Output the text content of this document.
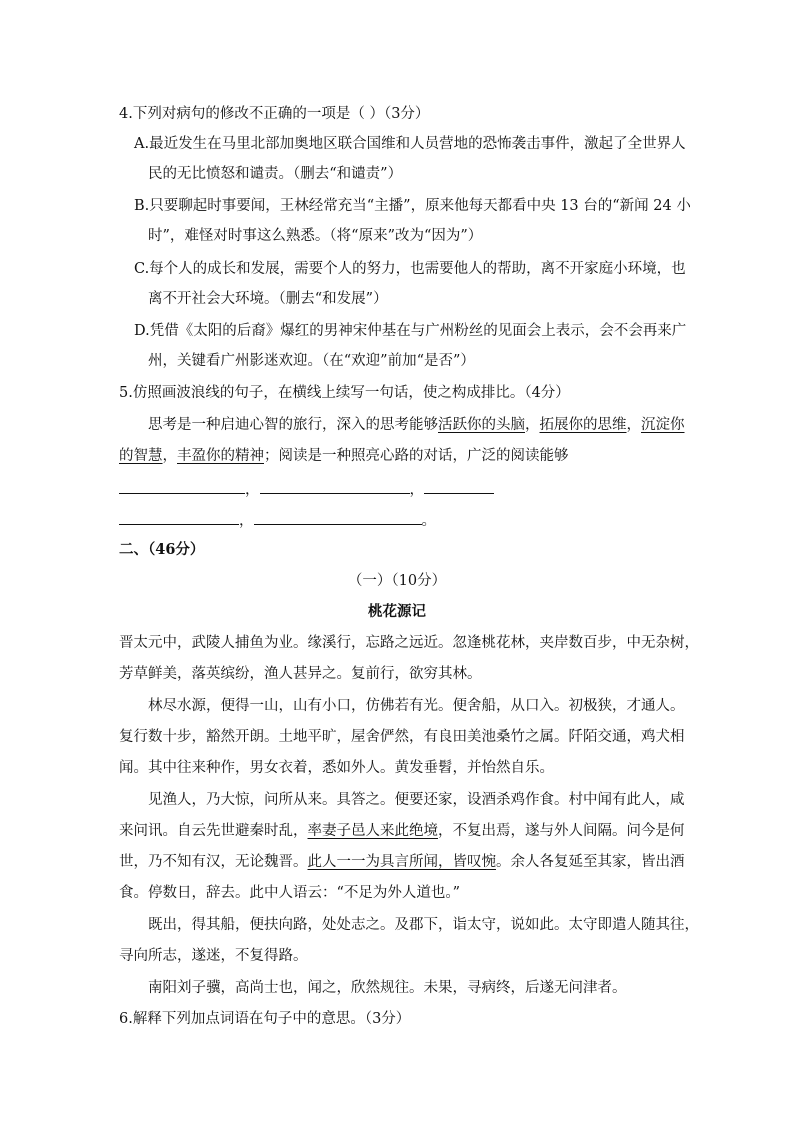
4.下列对病句的修改不正确的一项是（ ）（3分）
A.最近发生在马里北部加奥地区联合国维和人员营地的恐怖袭击事件，激起了全世界人
民的无比愤怒和谴责。（删去“和谴责”）
B.只要聊起时事要闻，王林经常充当“主播”，原来他每天都看中央 13 台的“新闻 24 小
时”，难怪对时事这么熟悉。（将“原来”改为“因为”）
C.每个人的成长和发展，需要个人的努力，也需要他人的帮助，离不开家庭小环境，也
离不开社会大环境。（删去“和发展”）
D.凭借《太阳的后裔》爆红的男神宋仲基在与广州粉丝的见面会上表示，会不会再来广
州，关键看广州影迷欢迎。（在“欢迎”前加“是否”）
5.仿照画波浪线的句子，在横线上续写一句话，使之构成排比。（4分）
思考是一种启迪心智的旅行，深入的思考能够活跃你的头脑，拓展你的思维，沉淀你
的智慧，丰盈你的精神；阅读是一种照亮心路的对话，广泛的阅读能够
，	，
，	。
二、（46分）
（一）（10分）
桃花源记
晋太元中，武陵人捕鱼为业。缘溪行，忘路之远近。忽逢桃花林，夹岸数百步，中无杂树，
芳草鲜美，落英缤纷，渔人甚异之。复前行，欲穷其林。
林尽水源，便得一山，山有小口，仿佛若有光。便舍船，从口入。初极狭，才通人。
复行数十步，豁然开朗。土地平旷，屋舍俨然，有良田美池桑竹之属。阡陌交通，鸡犬相
闻。其中往来种作，男女衣着，悉如外人。黄发垂髫，并怡然自乐。
见渔人，乃大惊，问所从来。具答之。便要还家，设酒杀鸡作食。村中闻有此人，咸
来问讯。自云先世避秦时乱，率妻子邑人来此绝境，不复出焉，遂与外人间隔。问今是何
世，乃不知有汉，无论魏晋。此人一一为具言所闻，皆叹惋。余人各复延至其家，皆出酒
食。停数日，辞去。此中人语云：“不足为外人道也。”
既出，得其船，便扶向路，处处志之。及郡下，诣太守，说如此。太守即遣人随其往，
寻向所志，遂迷，不复得路。
南阳刘子骥，高尚士也，闻之，欣然规往。未果，寻病终，后遂无问津者。
6.解释下列加点词语在句子中的意思。（3分）
